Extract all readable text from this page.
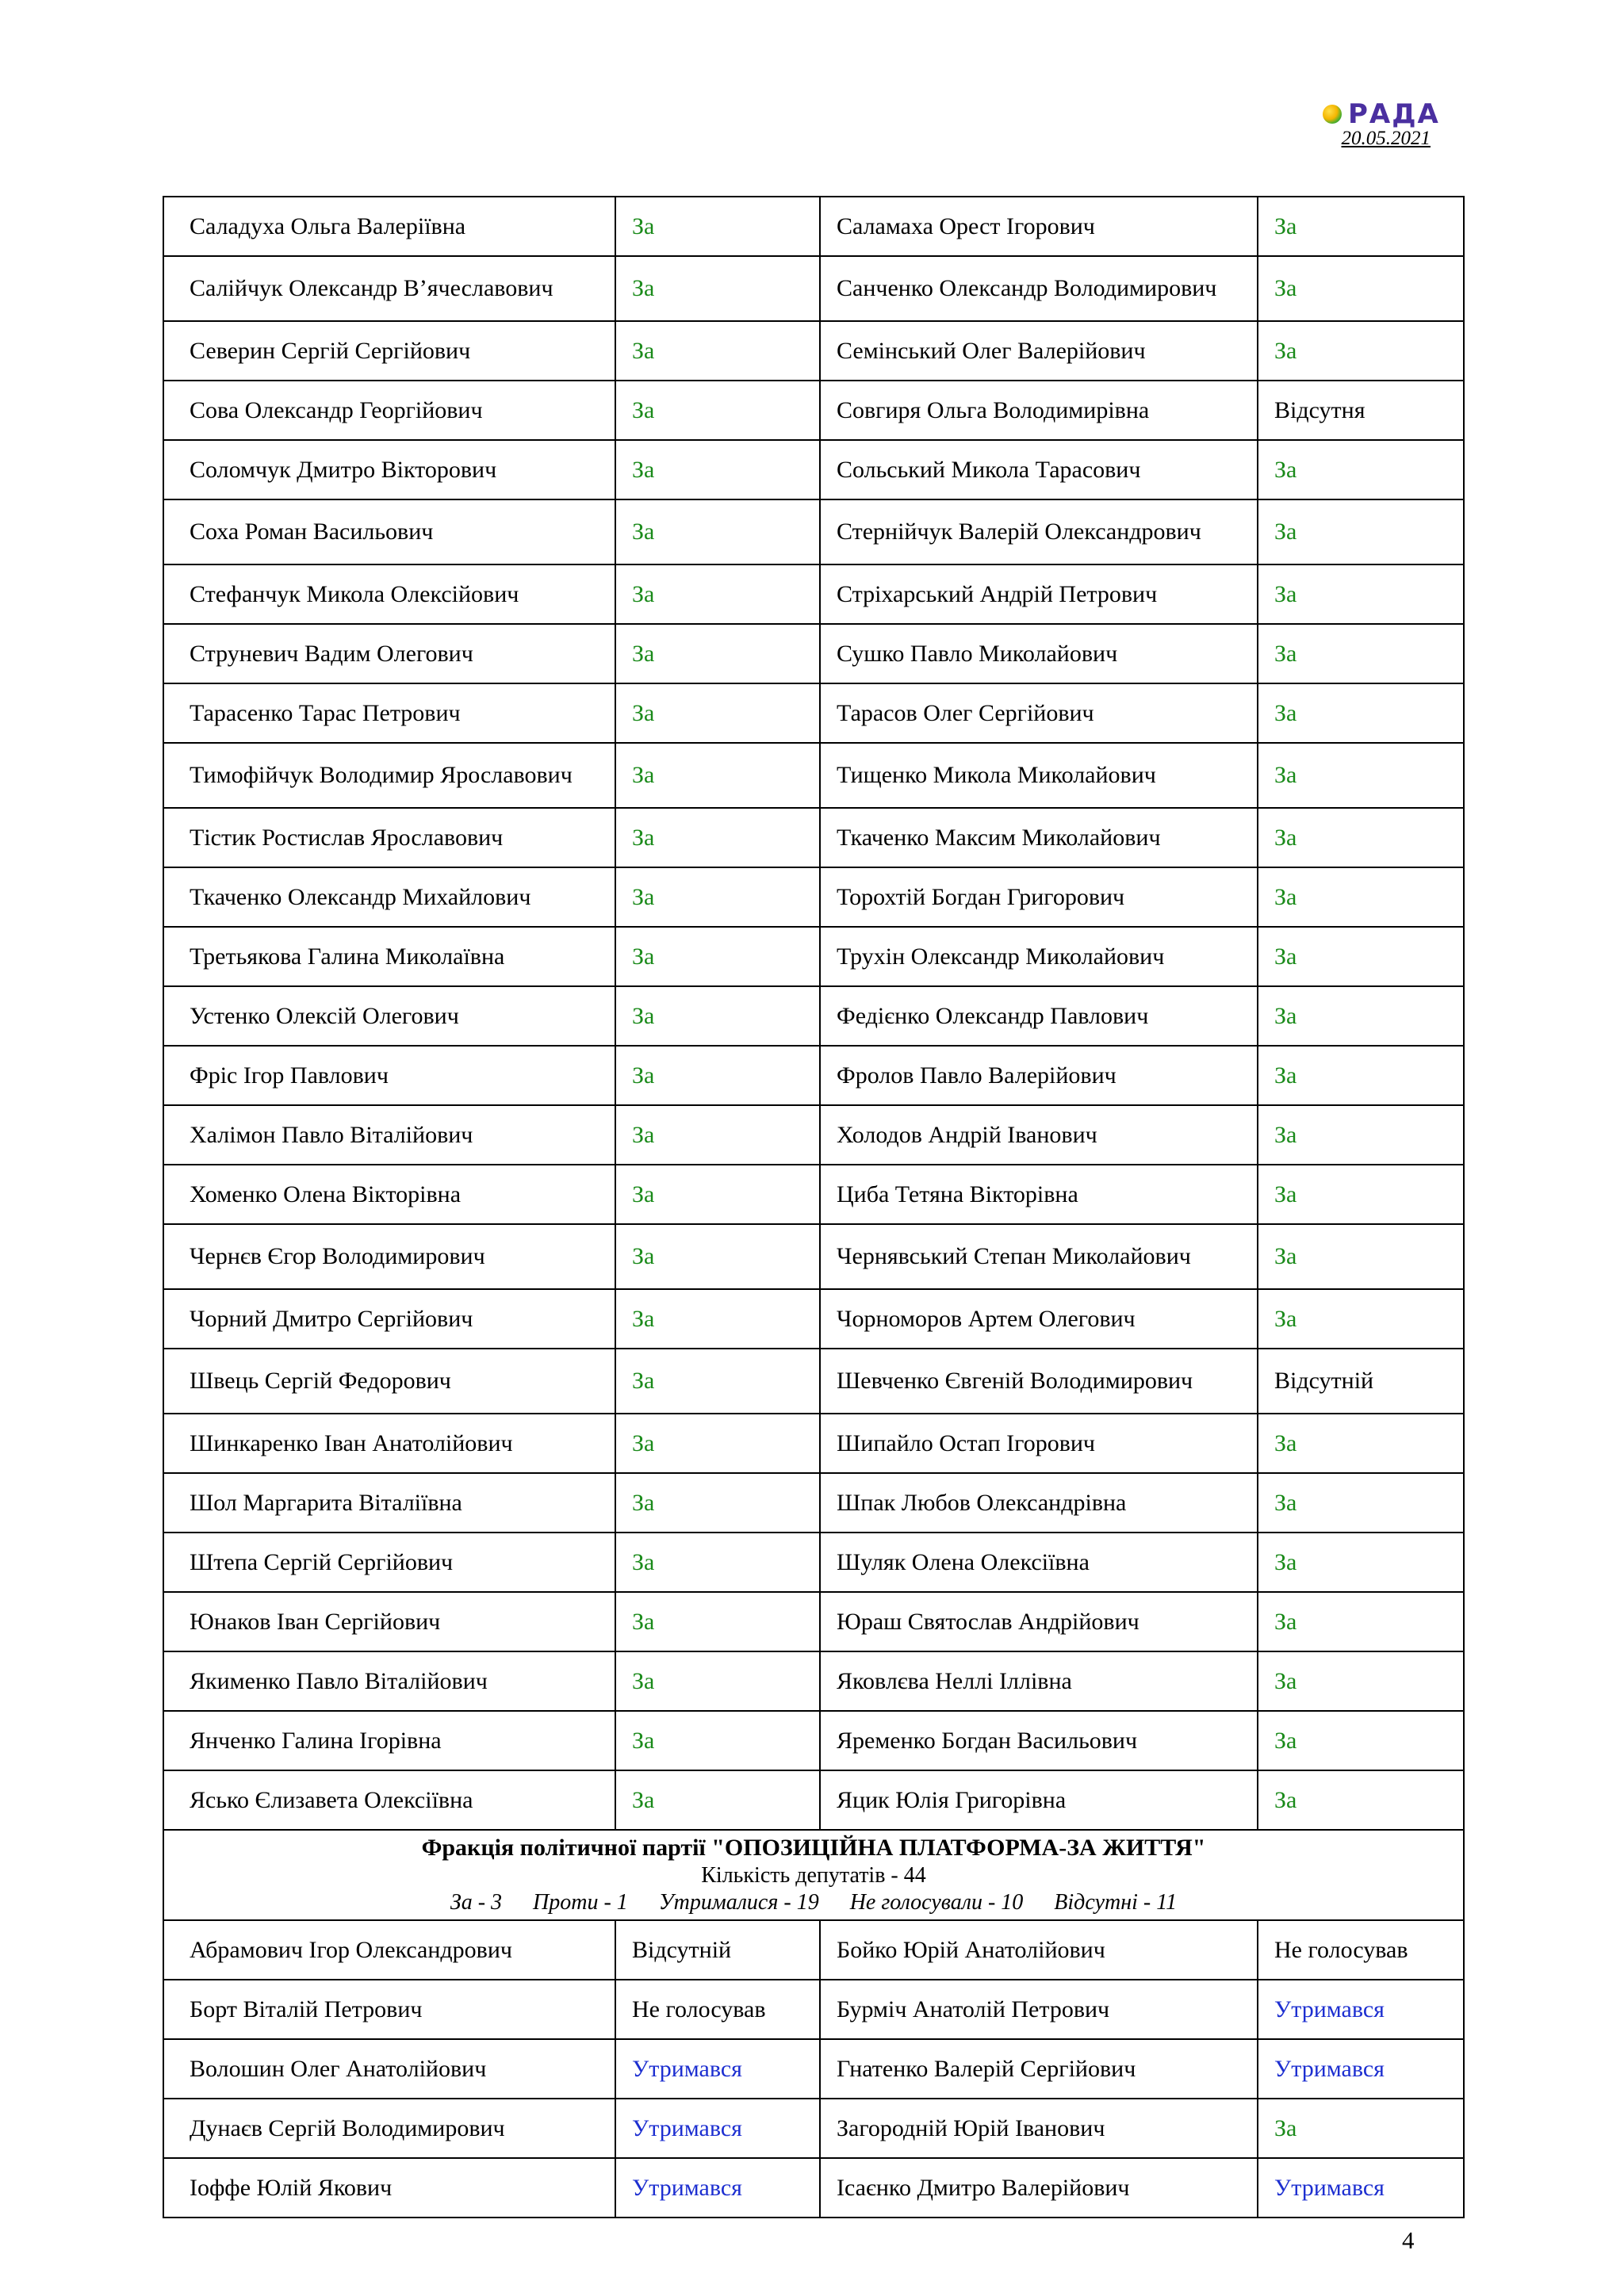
РАДА
20.05.2021
Саладуха Ольга Валеріївна	За	Саламаха Орест Ігорович	За
Салійчук Олександр В’ячеславович	За	Санченко Олександр Володимирович	За
Северин Сергій Сергійович	За	Семінський Олег Валерійович	За
Сова Олександр Георгійович	За	Совгиря Ольга Володимирівна	Відсутня
Соломчук Дмитро Вікторович	За	Сольський Микола Тарасович	За
Соха Роман Васильович	За	Стернійчук Валерій Олександрович	За
Стефанчук Микола Олексійович	За	Стріхарський Андрій Петрович	За
Струневич Вадим Олегович	За	Сушко Павло Миколайович	За
Тарасенко Тарас Петрович	За	Тарасов Олег Сергійович	За
Тимофійчук Володимир Ярославович	За	Тищенко Микола Миколайович	За
Тістик Ростислав Ярославович	За	Ткаченко Максим Миколайович	За
Ткаченко Олександр Михайлович	За	Торохтій Богдан Григорович	За
Третьякова Галина Миколаївна	За	Трухін Олександр Миколайович	За
Устенко Олексій Олегович	За	Федієнко Олександр Павлович	За
Фріс Ігор Павлович	За	Фролов Павло Валерійович	За
Халімон Павло Віталійович	За	Холодов Андрій Іванович	За
Хоменко Олена Вікторівна	За	Циба Тетяна Вікторівна	За
Чернєв Єгор Володимирович	За	Чернявський Степан Миколайович	За
Чорний Дмитро Сергійович	За	Чорноморов Артем Олегович	За
Швець Сергій Федорович	За	Шевченко Євгеній Володимирович	Відсутній
Шинкаренко Іван Анатолійович	За	Шипайло Остап Ігорович	За
Шол Маргарита Віталіївна	За	Шпак Любов Олександрівна	За
Штепа Сергій Сергійович	За	Шуляк Олена Олексіївна	За
Юнаков Іван Сергійович	За	Юраш Святослав Андрійович	За
Якименко Павло Віталійович	За	Яковлєва Неллі Іллівна	За
Янченко Галина Ігорівна	За	Яременко Богдан Васильович	За
Ясько Єлизавета Олексіївна	За	Яцик Юлія Григорівна	За

Фракція політичної партії "ОПОЗИЦІЙНА ПЛАТФОРМА-ЗА ЖИТТЯ"
Кількість депутатів - 44
За - 3 Проти - 1 Утрималися - 19 Не голосували - 10 Відсутні - 11			

Абрамович Ігор Олександрович	Відсутній	Бойко Юрій Анатолійович	Не голосував
Борт Віталій Петрович	Не голосував	Бурміч Анатолій Петрович	Утримався
Волошин Олег Анатолійович	Утримався	Гнатенко Валерій Сергійович	Утримався
Дунаєв Сергій Володимирович	Утримався	Загородній Юрій Іванович	За
Іоффе Юлій Якович	Утримався	Ісаєнко Дмитро Валерійович	Утримався
4
